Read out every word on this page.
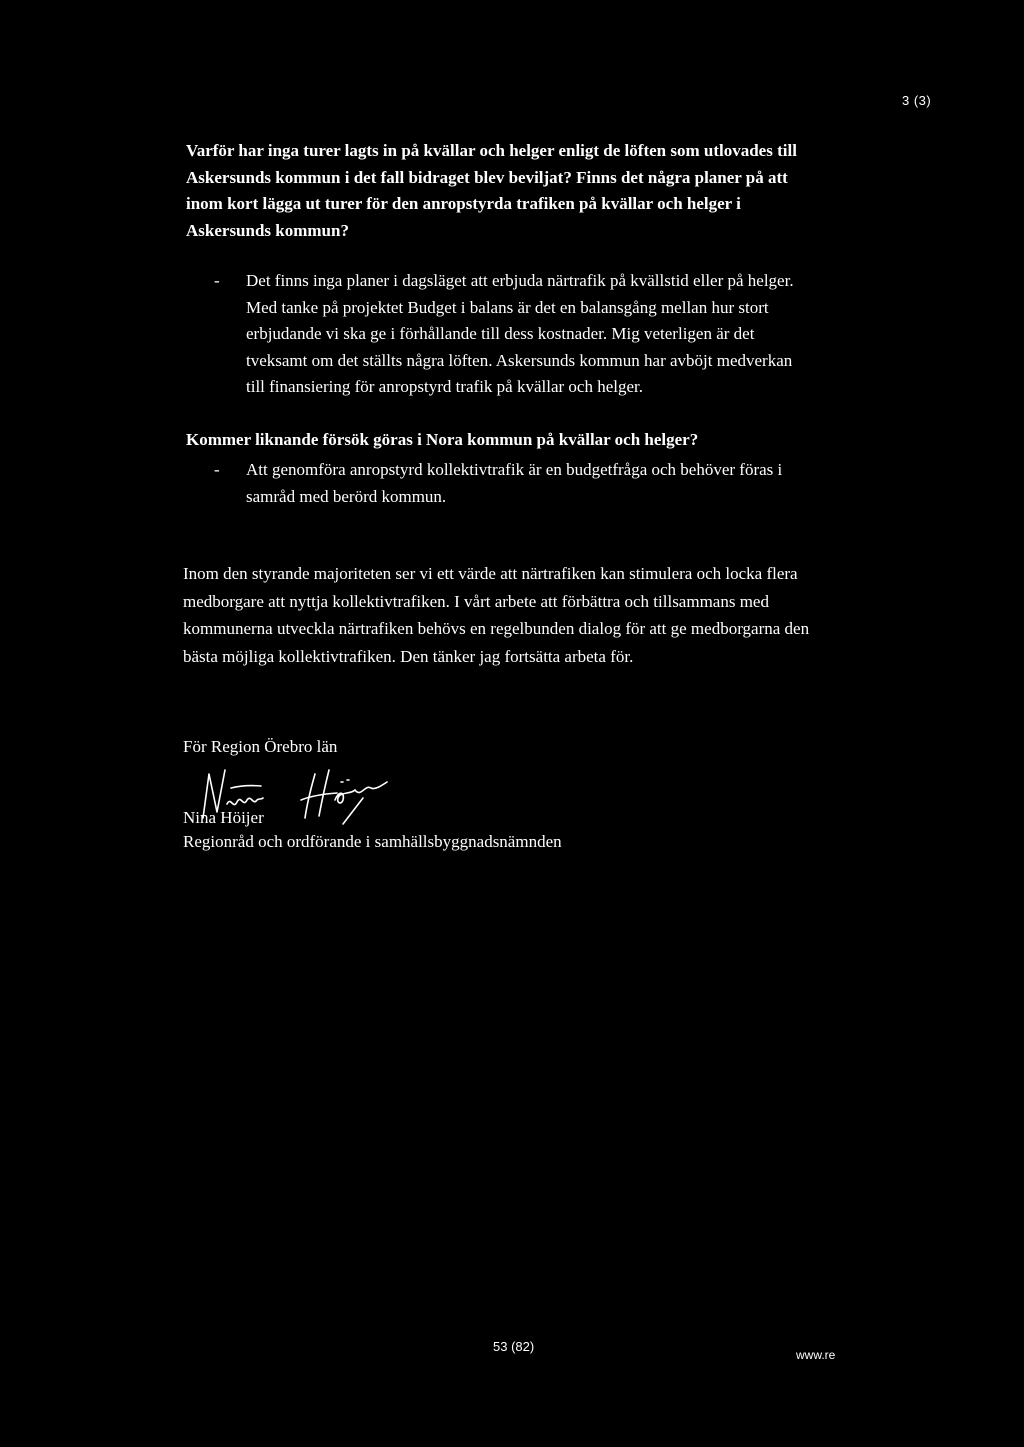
3 (3)

Varför har inga turer lagts in på kvällar och helger enligt de löften som utlovades till Askersunds kommun i det fall bidraget blev beviljat? Finns det några planer på att inom kort lägga ut turer för den anropstyrda trafiken på kvällar och helger i Askersunds kommun?

-	Det finns inga planer i dagsläget att erbjuda närtrafik på kvällstid eller på helger. Med tanke på projektet Budget i balans är det en balansgång mellan hur stort erbjudande vi ska ge i förhållande till dess kostnader. Mig veterligen är det tveksamt om det ställts några löften. Askersunds kommun har avböjt medverkan till finansiering för anropstyrd trafik på kvällar och helger.

Kommer liknande försök göras i Nora kommun på kvällar och helger?

-	Att genomföra anropstyrd kollektivtrafik är en budgetfråga och behöver föras i samråd med berörd kommun.

Inom den styrande majoriteten ser vi ett värde att närtrafiken kan stimulera och locka flera medborgare att nyttja kollektivtrafiken. I vårt arbete att förbättra och tillsammans med kommunerna utveckla närtrafiken behövs en regelbunden dialog för att ge medborgarna den bästa möjliga kollektivtrafiken. Den tänker jag fortsätta arbeta för.

För Region Örebro län
Nina Höijer
Regionråd och ordförande i samhällsbyggnadsnämnden
53 (82)
www.re
